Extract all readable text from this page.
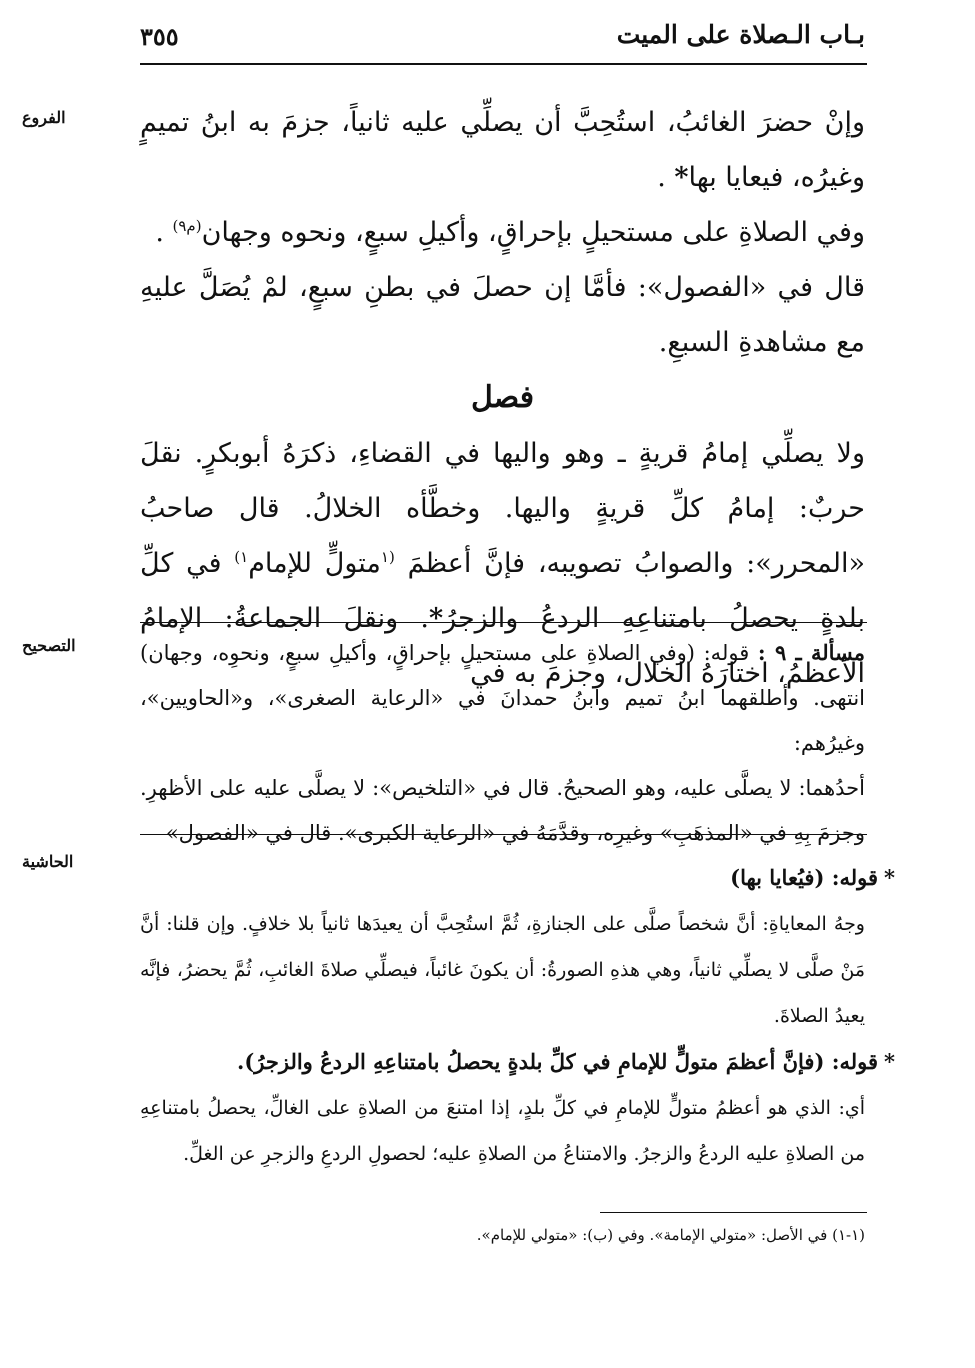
بـاب الـصلاة على الميت
٣٥٥
الفروع
التصحيح
الحاشية

وإنْ حضرَ الغائبُ، استُحِبَّ أن يصلِّي عليه ثانياً، جزمَ به ابنُ تميمٍ وغيرُه، فيعايا بها* .

وفي الصلاةِ على مستحيلٍ بإحراقٍ، وأكيلِ سبعٍ، ونحوه وجهان$^{(م٩)}$ .

قال في «الفصول»: فأمَّا إن حصلَ في بطنِ سبعٍ، لمْ يُصَلَّ عليهِ مع مشاهدةِ السبعِ.

فصل

ولا يصلِّي إمامُ قريةٍ ـ وهو واليها في القضاءِ، ذكرَهُ أبوبكرٍ. نقلَ حربٌ: إمامُ كلِّ قريةٍ واليها. وخطَّأه الخلالُ. قال صاحبُ «المحرر»: والصوابُ تصويبه، فإنَّ أعظمَ $^{(١}$متولٍّ للإمام$^{١)}$ في كلِّ بلدةٍ يحصلُ بامتناعِهِ الردعُ والزجرُ*. ونقلَ الجماعةُ: الإمامُ الأعظمُ، اختارَهُ الخلال، وجزمَ به في

مسألة ـ ٩ : قوله: (وفي الصلاةِ على مستحيلٍ بإحراقٍ، وأكيلِ سبعٍ، ونحوِه، وجهان) انتهى. وأطلقهما ابنُ تميم وابنُ حمدانَ في «الرعاية الصغرى»، و«الحاويين»، وغيرُهم:

أحدُهما: لا يصلَّى عليه، وهو الصحيحُ. قال في «التلخيص»: لا يصلَّى عليه على الأظهرِ. وجزمَ بِهِ في «المذهَبِ» وغيرِه، وقدَّمَهُ في «الرعاية الكبرى». قال في «الفصول»

*قوله: (فيُعايا بها)

وجهُ المعاياةِ: أنَّ شخصاً صلَّى على الجنازةِ، ثُمَّ استُحِبَّ أن يعيدَها ثانياً بلا خلافٍ. وإن قلنا: أنَّ مَنْ صلَّى لا يصلِّي ثانياً، وهي هذهِ الصورةُ: أن يكونَ غائباً، فيصلِّي صلاةَ الغائبِ، ثُمَّ يحضرُ، فإنَّه يعيدُ الصلاةَ.

*قوله: (فإنَّ أعظمَ متولٍّ للإمامِ في كلِّ بلدةٍ يحصلُ بامتناعِهِ الردعُ والزجرُ).

أي: الذي هو أعظمُ متولٍّ للإمامِ في كلِّ بلدٍ، إذا امتنعَ من الصلاةِ على الغالِّ، يحصلُ بامتناعِهِ من الصلاةِ عليه الردعُ والزجرُ. والامتناعُ من الصلاةِ عليه؛ لحصولِ الردعِ والزجرِ عن الغلِّ.

(١-١) في الأصل: «متولي الإمامة». وفي (ب): «متولي للإمام».
